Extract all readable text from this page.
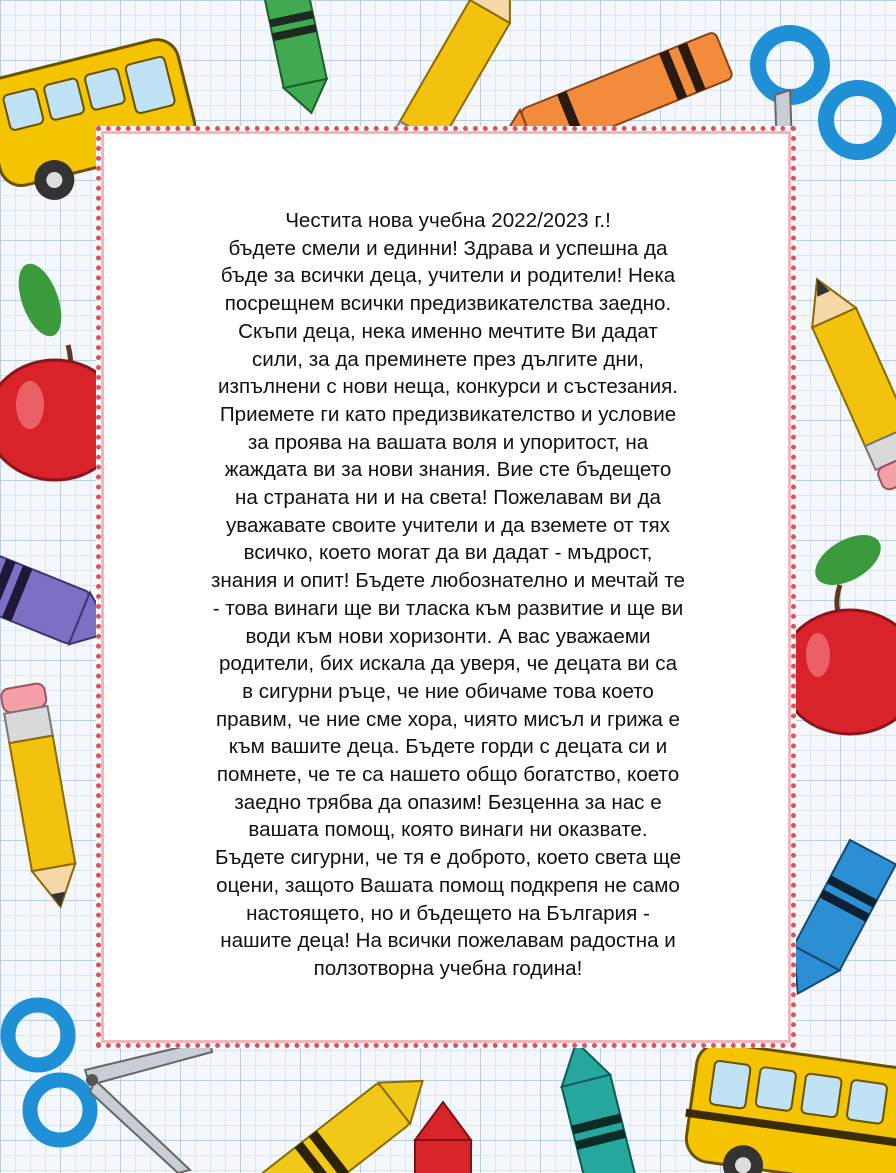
Честита нова учебна 2022/2023 г.!
бъдете смели и единни! Здрава и успешна да
бъде за всички деца, учители и родители! Нека
посрещнем всички предизвикателства заедно.
Скъпи деца, нека именно мечтите Ви дадат
сили, за да преминете през дългите дни,
изпълнени с нови неща, конкурси и състезания.
Приемете ги като предизвикателство и условие
за проява на вашата воля и упоритост, на
жаждата ви за нови знания. Вие сте бъдещето
на страната ни и на света! Пожелавам ви да
уважавате своите учители и да вземете от тях
всичко, което могат да ви дадат - мъдрост,
знания и опит! Бъдете любознателно и мечтай те
- това винаги ще ви тласка към развитие и ще ви
води към нови хоризонти. А вас уважаеми
родители, бих искала да уверя, че децата ви са
в сигурни ръце, че ние обичаме това което
правим, че ние сме хора, чиято мисъл и грижа е
към вашите деца. Бъдете горди с децата си и
помнете, че те са нашето общо богатство, което
заедно трябва да опазим! Безценна за нас е
вашата помощ, която винаги ни оказвате.
Бъдете сигурни, че тя е доброто, което света ще
оцени, защото Вашата помощ подкрепя не само
настоящето, но и бъдещето на България -
нашите деца! На всички пожелавам радостна и
ползотворна учебна година!
